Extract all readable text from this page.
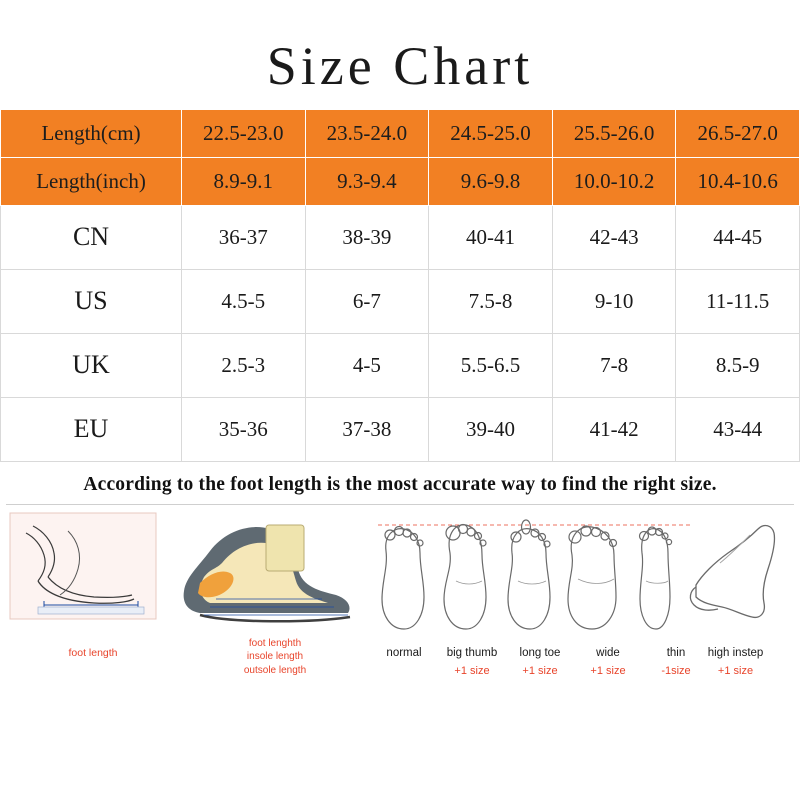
Size Chart
Length(cm)	22.5-23.0	23.5-24.0	24.5-25.0	25.5-26.0	26.5-27.0
Length(inch)	8.9-9.1	9.3-9.4	9.6-9.8	10.0-10.2	10.4-10.6
CN	36-37	38-39	40-41	42-43	44-45
US	4.5-5	6-7	7.5-8	9-10	11-11.5
UK	2.5-3	4-5	5.5-6.5	7-8	8.5-9
EU	35-36	37-38	39-40	41-42	43-44
According to the foot length is the most accurate way to find the right size.
foot length
foot lenghth
insole length
outsole length
normal	big thumb
+1 size
long toe
+1 size
wide
+1 size
thin
-1size
high instep
+1 size
